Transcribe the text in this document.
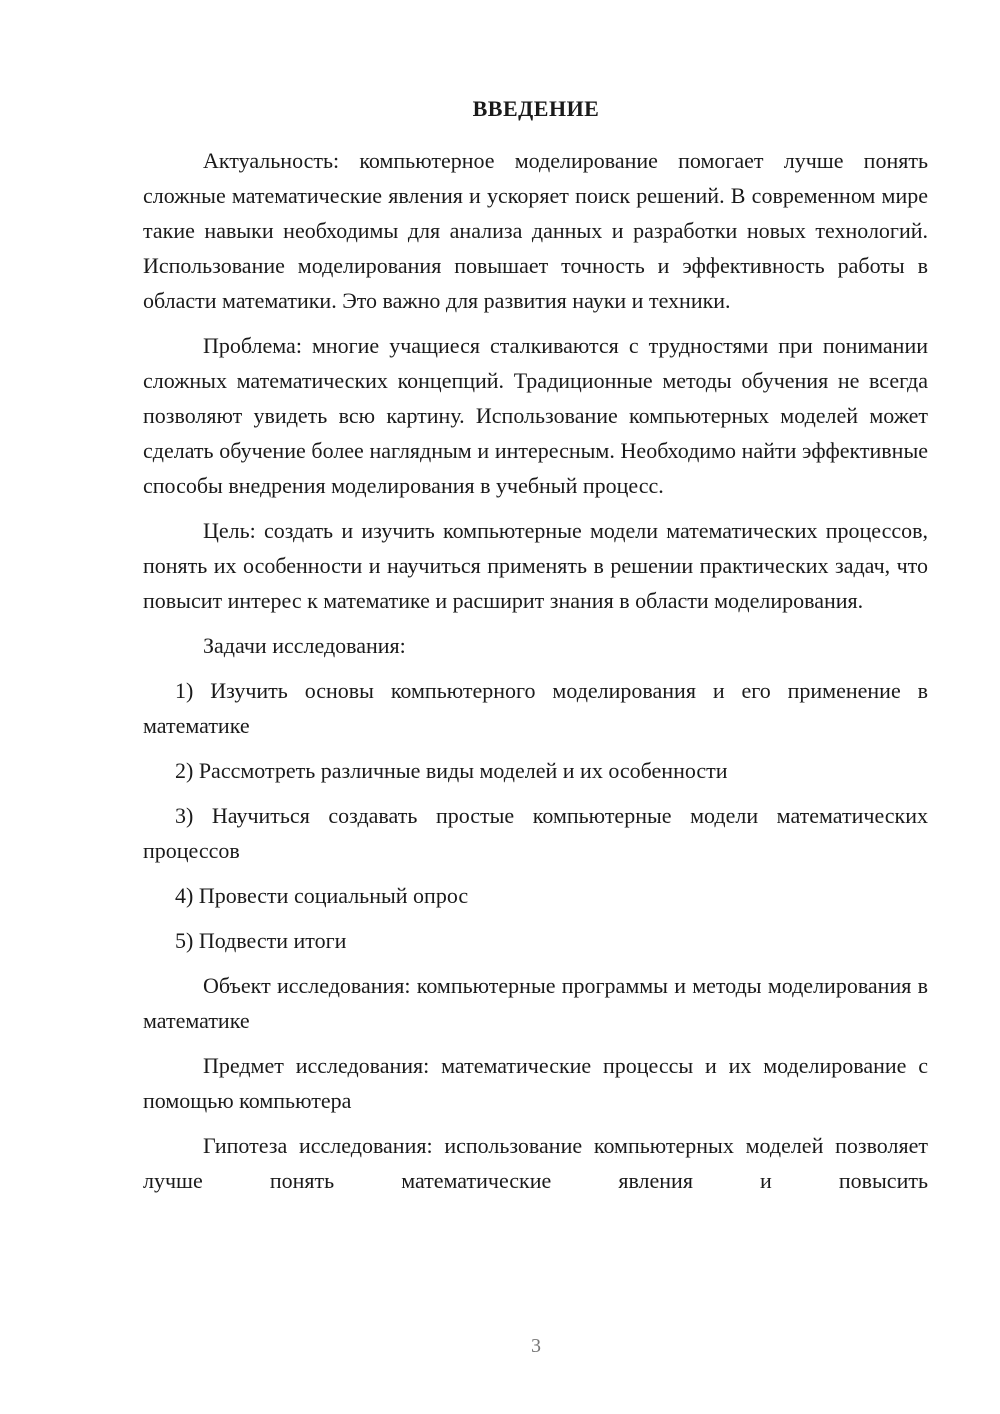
ВВЕДЕНИЕ

Актуальность: компьютерное моделирование помогает лучше понять сложные математические явления и ускоряет поиск решений. В современном мире такие навыки необходимы для анализа данных и разработки новых технологий. Использование моделирования повышает точность и эффективность работы в области математики. Это важно для развития науки и техники.

Проблема: многие учащиеся сталкиваются с трудностями при понимании сложных математических концепций. Традиционные методы обучения не всегда позволяют увидеть всю картину. Использование компьютерных моделей может сделать обучение более наглядным и интересным. Необходимо найти эффективные способы внедрения моделирования в учебный процесс.

Цель: создать и изучить компьютерные модели математических процессов, понять их особенности и научиться применять в решении практических задач, что повысит интерес к математике и расширит знания в области моделирования.

Задачи исследования:

1) Изучить основы компьютерного моделирования и его применение в математике

2) Рассмотреть различные виды моделей и их особенности

3) Научиться создавать простые компьютерные модели математических процессов

4) Провести социальный опрос

5) Подвести итоги

Объект исследования: компьютерные программы и методы моделирования в математике

Предмет исследования: математические процессы и их моделирование с помощью компьютера

Гипотеза исследования: использование компьютерных моделей позволяет лучше понять математические явления и повысить

3
